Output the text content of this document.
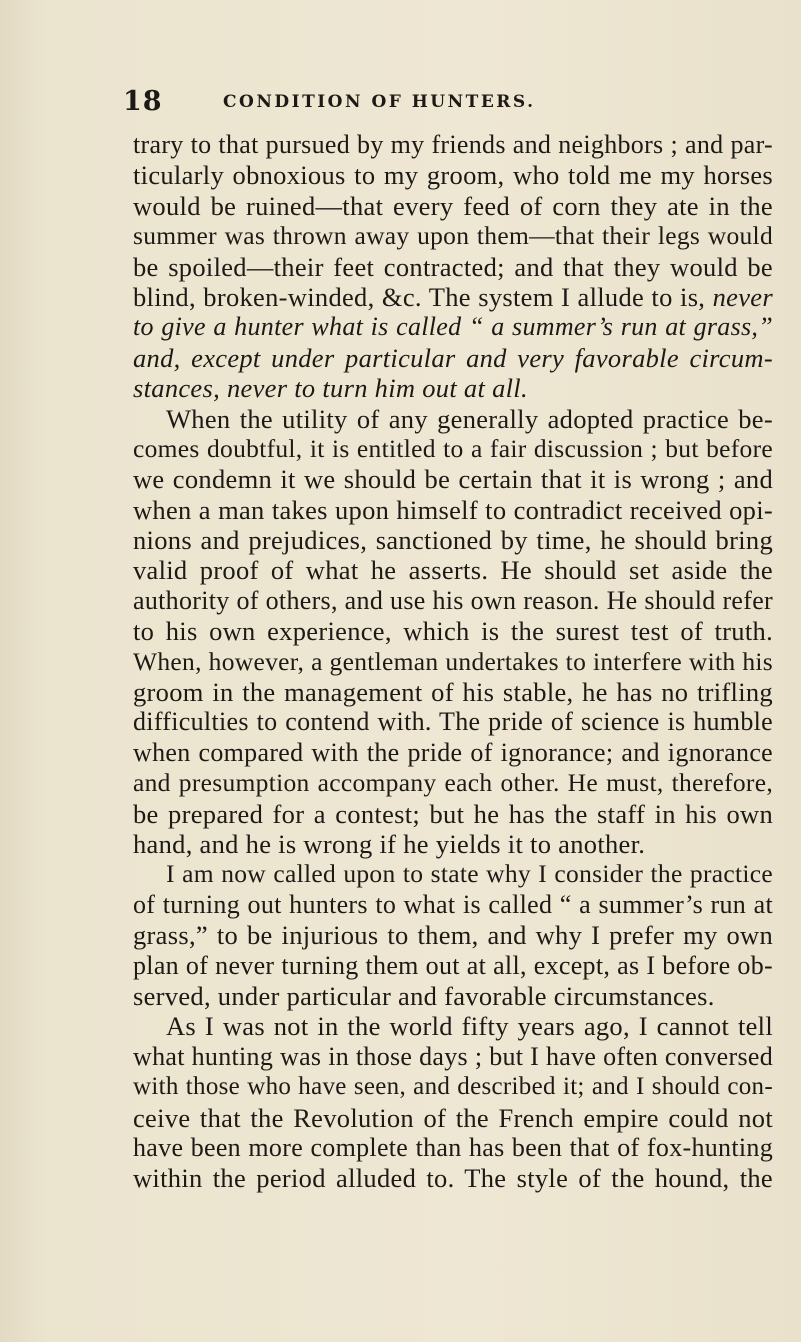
18	CONDITION OF HUNTERS.
trary to that pursued by my friends and neighbors ; and par-
ticularly obnoxious to my groom, who told me my horses
would be ruined—that every feed of corn they ate in the
summer was thrown away upon them—that their legs would
be spoiled—their feet contracted; and that they would be
blind, broken-winded, &c. The system I allude to is, never
to give a hunter what is called “ a summer’s run at grass,”
and, except under particular and very favorable circum-
stances, never to turn him out at all.
When the utility of any generally adopted practice be-
comes doubtful, it is entitled to a fair discussion ; but before
we condemn it we should be certain that it is wrong ; and
when a man takes upon himself to contradict received opi-
nions and prejudices, sanctioned by time, he should bring
valid proof of what he asserts. He should set aside the
authority of others, and use his own reason. He should refer
to his own experience, which is the surest test of truth.
When, however, a gentleman undertakes to interfere with his
groom in the management of his stable, he has no trifling
difficulties to contend with. The pride of science is humble
when compared with the pride of ignorance; and ignorance
and presumption accompany each other. He must, therefore,
be prepared for a contest; but he has the staff in his own
hand, and he is wrong if he yields it to another.
I am now called upon to state why I consider the practice
of turning out hunters to what is called “ a summer’s run at
grass,” to be injurious to them, and why I prefer my own
plan of never turning them out at all, except, as I before ob-
served, under particular and favorable circumstances.
As I was not in the world fifty years ago, I cannot tell
what hunting was in those days ; but I have often conversed
with those who have seen, and described it; and I should con-
ceive that the Revolution of the French empire could not
have been more complete than has been that of fox-hunting
within the period alluded to. The style of the hound, the
